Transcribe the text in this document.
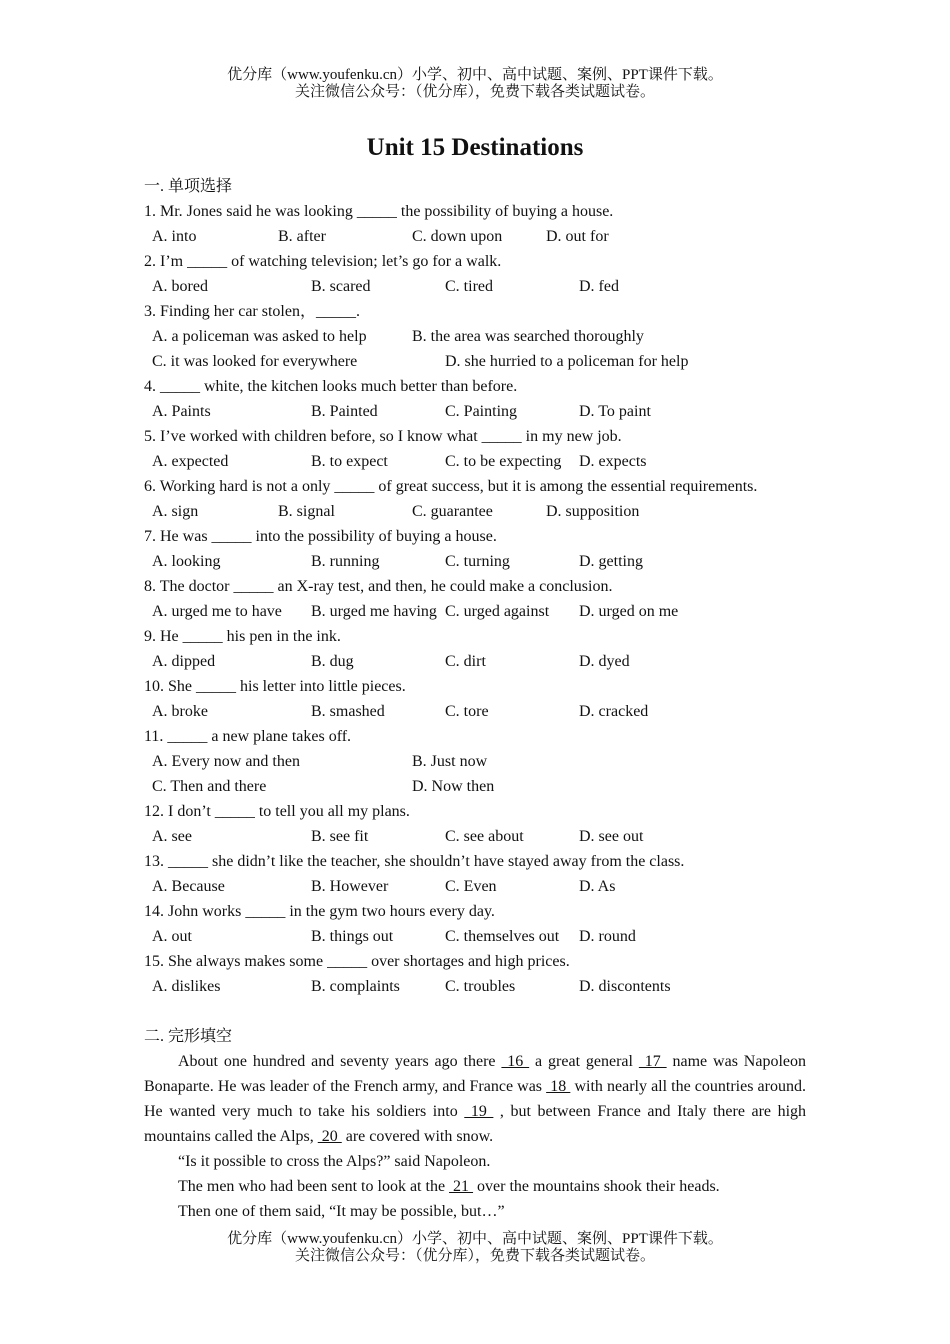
优分库（www.youfenku.cn）小学、初中、高中试题、案例、PPT课件下载。
关注微信公众号：（优分库），免费下载各类试题试卷。
Unit 15 Destinations
一. 单项选择
1. Mr. Jones said he was looking _____ the possibility of buying a house.
A. into	B. after	C. down upon	D. out for
2. I’m _____ of watching television; let’s go for a walk.
A. bored	B. scared	C. tired	D. fed
3. Finding her car stolen，_____.
A. a policeman was asked to help	B. the area was searched thoroughly
C. it was looked for everywhere	D. she hurried to a policeman for help
4. _____ white, the kitchen looks much better than before.
A. Paints	B. Painted	C. Painting	D. To paint
5. I’ve worked with children before, so I know what _____ in my new job.
A. expected	B. to expect	C. to be expecting D. expects
6. Working hard is not a only _____ of great success, but it is among the essential requirements.
A. sign	B. signal	C. guarantee	D. supposition
7. He was _____ into the possibility of buying a house.
A. looking	B. running	C. turning	D. getting
8. The doctor _____ an X-ray test, and then, he could make a conclusion.
A. urged me to have B. urged me having C. urged against D. urged on me
9. He _____ his pen in the ink.
A. dipped	B. dug	C. dirt	D. dyed
10. She _____ his letter into little pieces.
A. broke	B. smashed	C. tore	D. cracked
11. _____ a new plane takes off.
A. Every now and then	B. Just now
C. Then and there	D. Now then
12. I don’t _____ to tell you all my plans.
A. see	B. see fit	C. see about	D. see out
13. _____ she didn’t like the teacher, she shouldn’t have stayed away from the class.
A. Because	B. However	C. Even	D. As
14. John works _____ in the gym two hours every day.
A. out	B. things out	C. themselves out D. round
15. She always makes some _____ over shortages and high prices.
A. dislikes	B. complaints	C. troubles	D. discontents
二. 完形填空

About one hundred and seventy years ago there  16  a great general  17  name was Napoleon Bonaparte. He was leader of the French army, and France was  18  with nearly all the countries around. He wanted very much to take his soldiers into  19  , but between France and Italy there are high mountains called the Alps,  20  are covered with snow.

“Is it possible to cross the Alps?” said Napoleon.

The men who had been sent to look at the  21  over the mountains shook their heads.

Then one of them said, “It may be possible, but…”

优分库（www.youfenku.cn）小学、初中、高中试题、案例、PPT课件下载。
关注微信公众号：（优分库），免费下载各类试题试卷。
